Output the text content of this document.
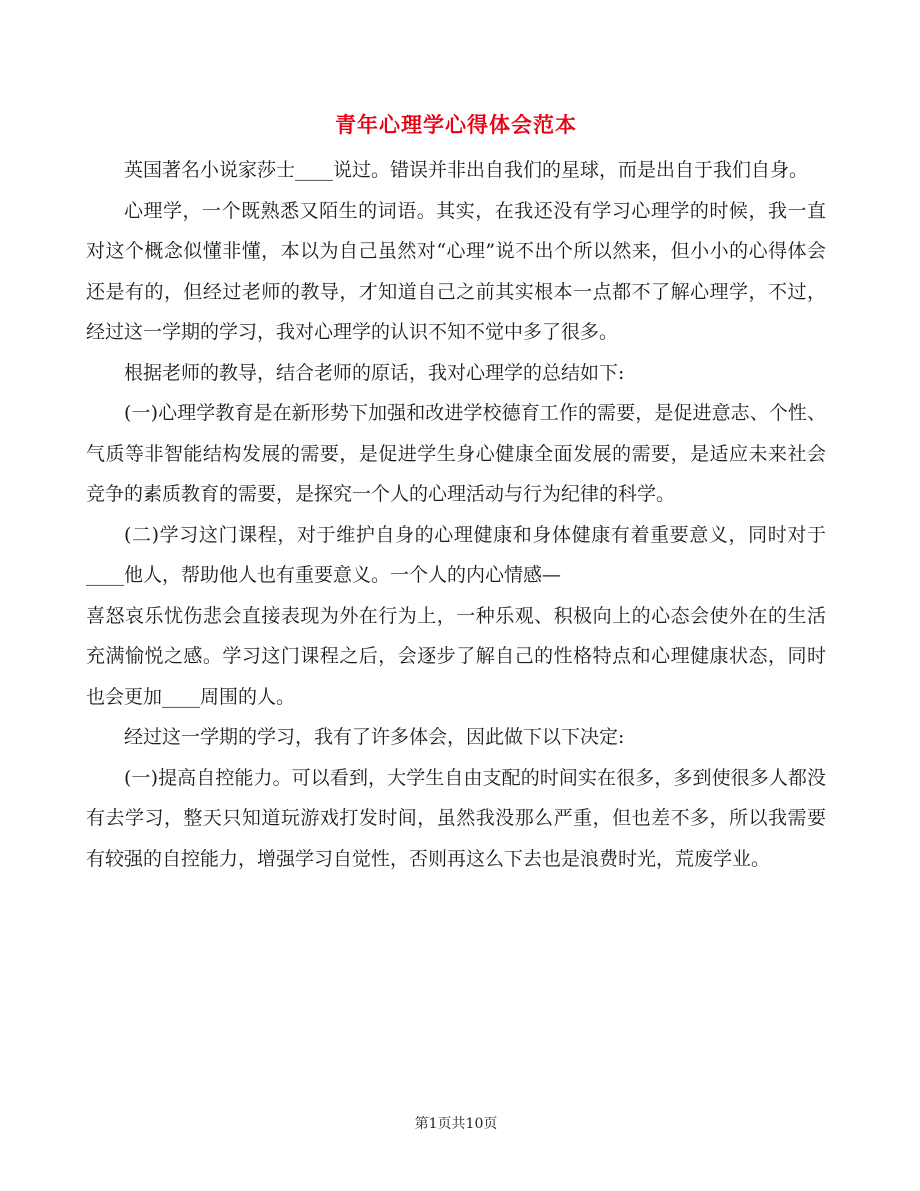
青年心理学心得体会范本

英国著名小说家莎士____说过。错误并非出自我们的星球，而是出自于我们自身。

心理学，一个既熟悉又陌生的词语。其实，在我还没有学习心理学的时候，我一直对这个概念似懂非懂，本以为自己虽然对“心理”说不出个所以然来，但小小的心得体会还是有的，但经过老师的教导，才知道自己之前其实根本一点都不了解心理学，不过，经过这一学期的学习，我对心理学的认识不知不觉中多了很多。

根据老师的教导，结合老师的原话，我对心理学的总结如下:

(一)心理学教育是在新形势下加强和改进学校德育工作的需要，是促进意志、个性、气质等非智能结构发展的需要，是促进学生身心健康全面发展的需要，是适应未来社会竞争的素质教育的需要，是探究一个人的心理活动与行为纪律的科学。

(二)学习这门课程，对于维护自身的心理健康和身体健康有着重要意义，同时对于____他人，帮助他人也有重要意义。一个人的内心情感—

喜怒哀乐忧伤悲会直接表现为外在行为上，一种乐观、积极向上的心态会使外在的生活充满愉悦之感。学习这门课程之后，会逐步了解自己的性格特点和心理健康状态，同时也会更加____周围的人。

经过这一学期的学习，我有了许多体会，因此做下以下决定:

(一)提高自控能力。可以看到，大学生自由支配的时间实在很多，多到使很多人都没有去学习，整天只知道玩游戏打发时间，虽然我没那么严重，但也差不多，所以我需要有较强的自控能力，增强学习自觉性，否则再这么下去也是浪费时光，荒废学业。

第1页共10页
